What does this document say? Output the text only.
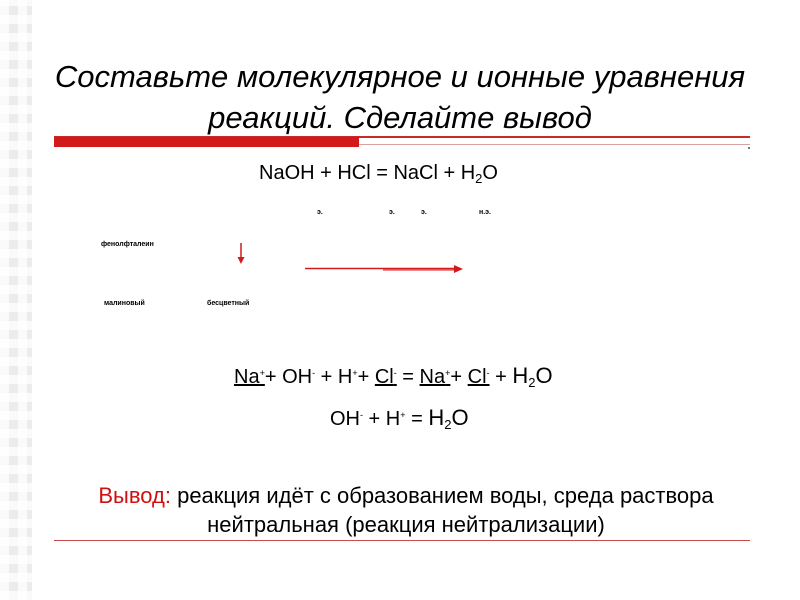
Составьте молекулярное и ионные уравнения
реакций. Сделайте вывод
NaOH + HCl = NaCl + $H_2O$
э.	э.	э.	н.э.
фенолфталеин
малиновый	бесцветный
$Na^++ OH^- + H^++ Cl^- = Na^++ Cl^- + H_2O$
$OH^- + H^+ = H_2O$
Вывод: реакция идёт с образованием воды, среда раствора
нейтральная (реакция нейтрализации)
